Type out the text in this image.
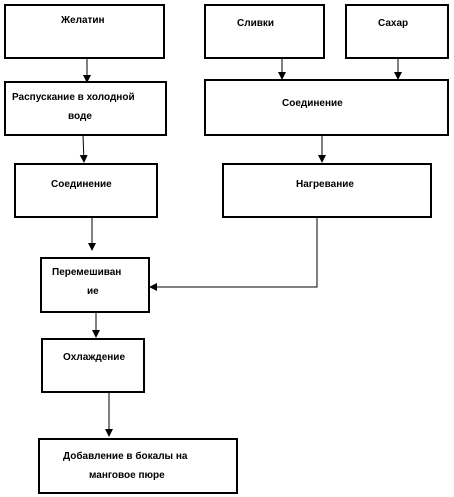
Желатин	Сливки	Сахар
Распускание в холодной
воде
Соединение
Соединение	Нагревание
Перемешиван
ие
Охлаждение
Добавление в бокалы на
манговое пюре
